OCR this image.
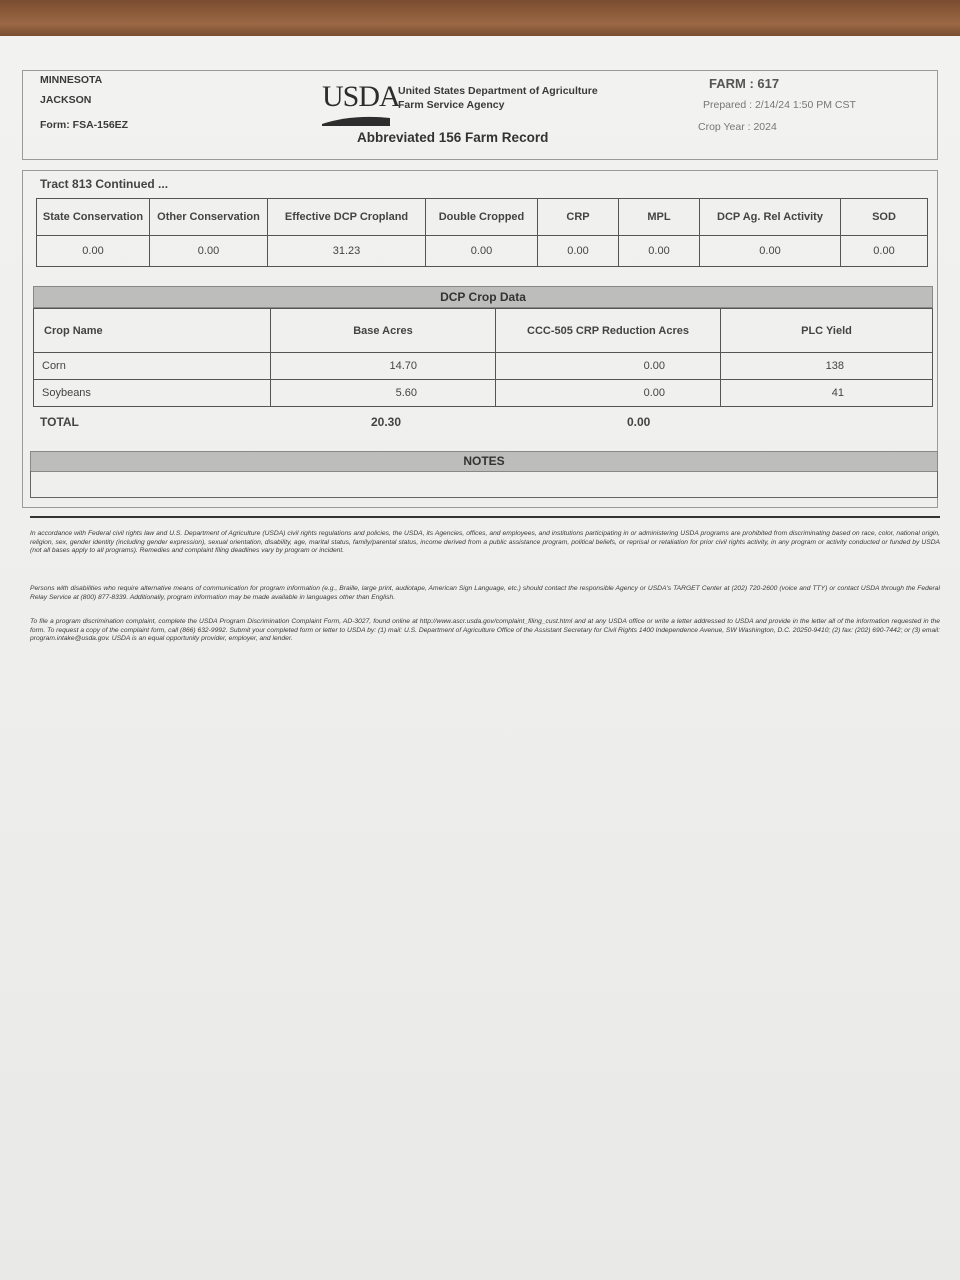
MINNESOTA
JACKSON
Form: FSA-156EZ
USDA
United States Department of Agriculture
Farm Service Agency
Abbreviated 156 Farm Record
FARM : 617
Prepared : 2/14/24 1:50 PM CST
Crop Year : 2024
Tract 813 Continued ...
State Conservation	Other Conservation	Effective DCP Cropland	Double Cropped	CRP	MPL	DCP Ag. Rel Activity	SOD
0.00	0.00	31.23	0.00	0.00	0.00	0.00	0.00
DCP Crop Data
Crop Name	Base Acres	CCC-505 CRP Reduction Acres	PLC Yield
Corn	14.70	0.00	138
Soybeans	5.60	0.00	41
TOTAL	20.30	0.00
NOTES
In accordance with Federal civil rights law and U.S. Department of Agriculture (USDA) civil rights regulations and policies, the USDA, its Agencies, offices, and employees, and institutions participating in or administering USDA programs are prohibited from discriminating based on race, color, national origin, religion, sex, gender identity (including gender expression), sexual orientation, disability, age, marital status, family/parental status, income derived from a public assistance program, political beliefs, or reprisal or retaliation for prior civil rights activity, in any program or activity conducted or funded by USDA (not all bases apply to all programs). Remedies and complaint filing deadlines vary by program or incident.
Persons with disabilities who require alternative means of communication for program information (e.g., Braille, large print, audiotape, American Sign Language, etc.) should contact the responsible Agency or USDA's TARGET Center at (202) 720-2600 (voice and TTY) or contact USDA through the Federal Relay Service at (800) 877-8339. Additionally, program information may be made available in languages other than English.
To file a program discrimination complaint, complete the USDA Program Discrimination Complaint Form, AD-3027, found online at http://www.ascr.usda.gov/complaint_filing_cust.html and at any USDA office or write a letter addressed to USDA and provide in the letter all of the information requested in the form. To request a copy of the complaint form, call (866) 632-9992. Submit your completed form or letter to USDA by: (1) mail: U.S. Department of Agriculture Office of the Assistant Secretary for Civil Rights 1400 Independence Avenue, SW Washington, D.C. 20250-9410; (2) fax: (202) 690-7442; or (3) email: program.intake@usda.gov. USDA is an equal opportunity provider, employer, and lender.
